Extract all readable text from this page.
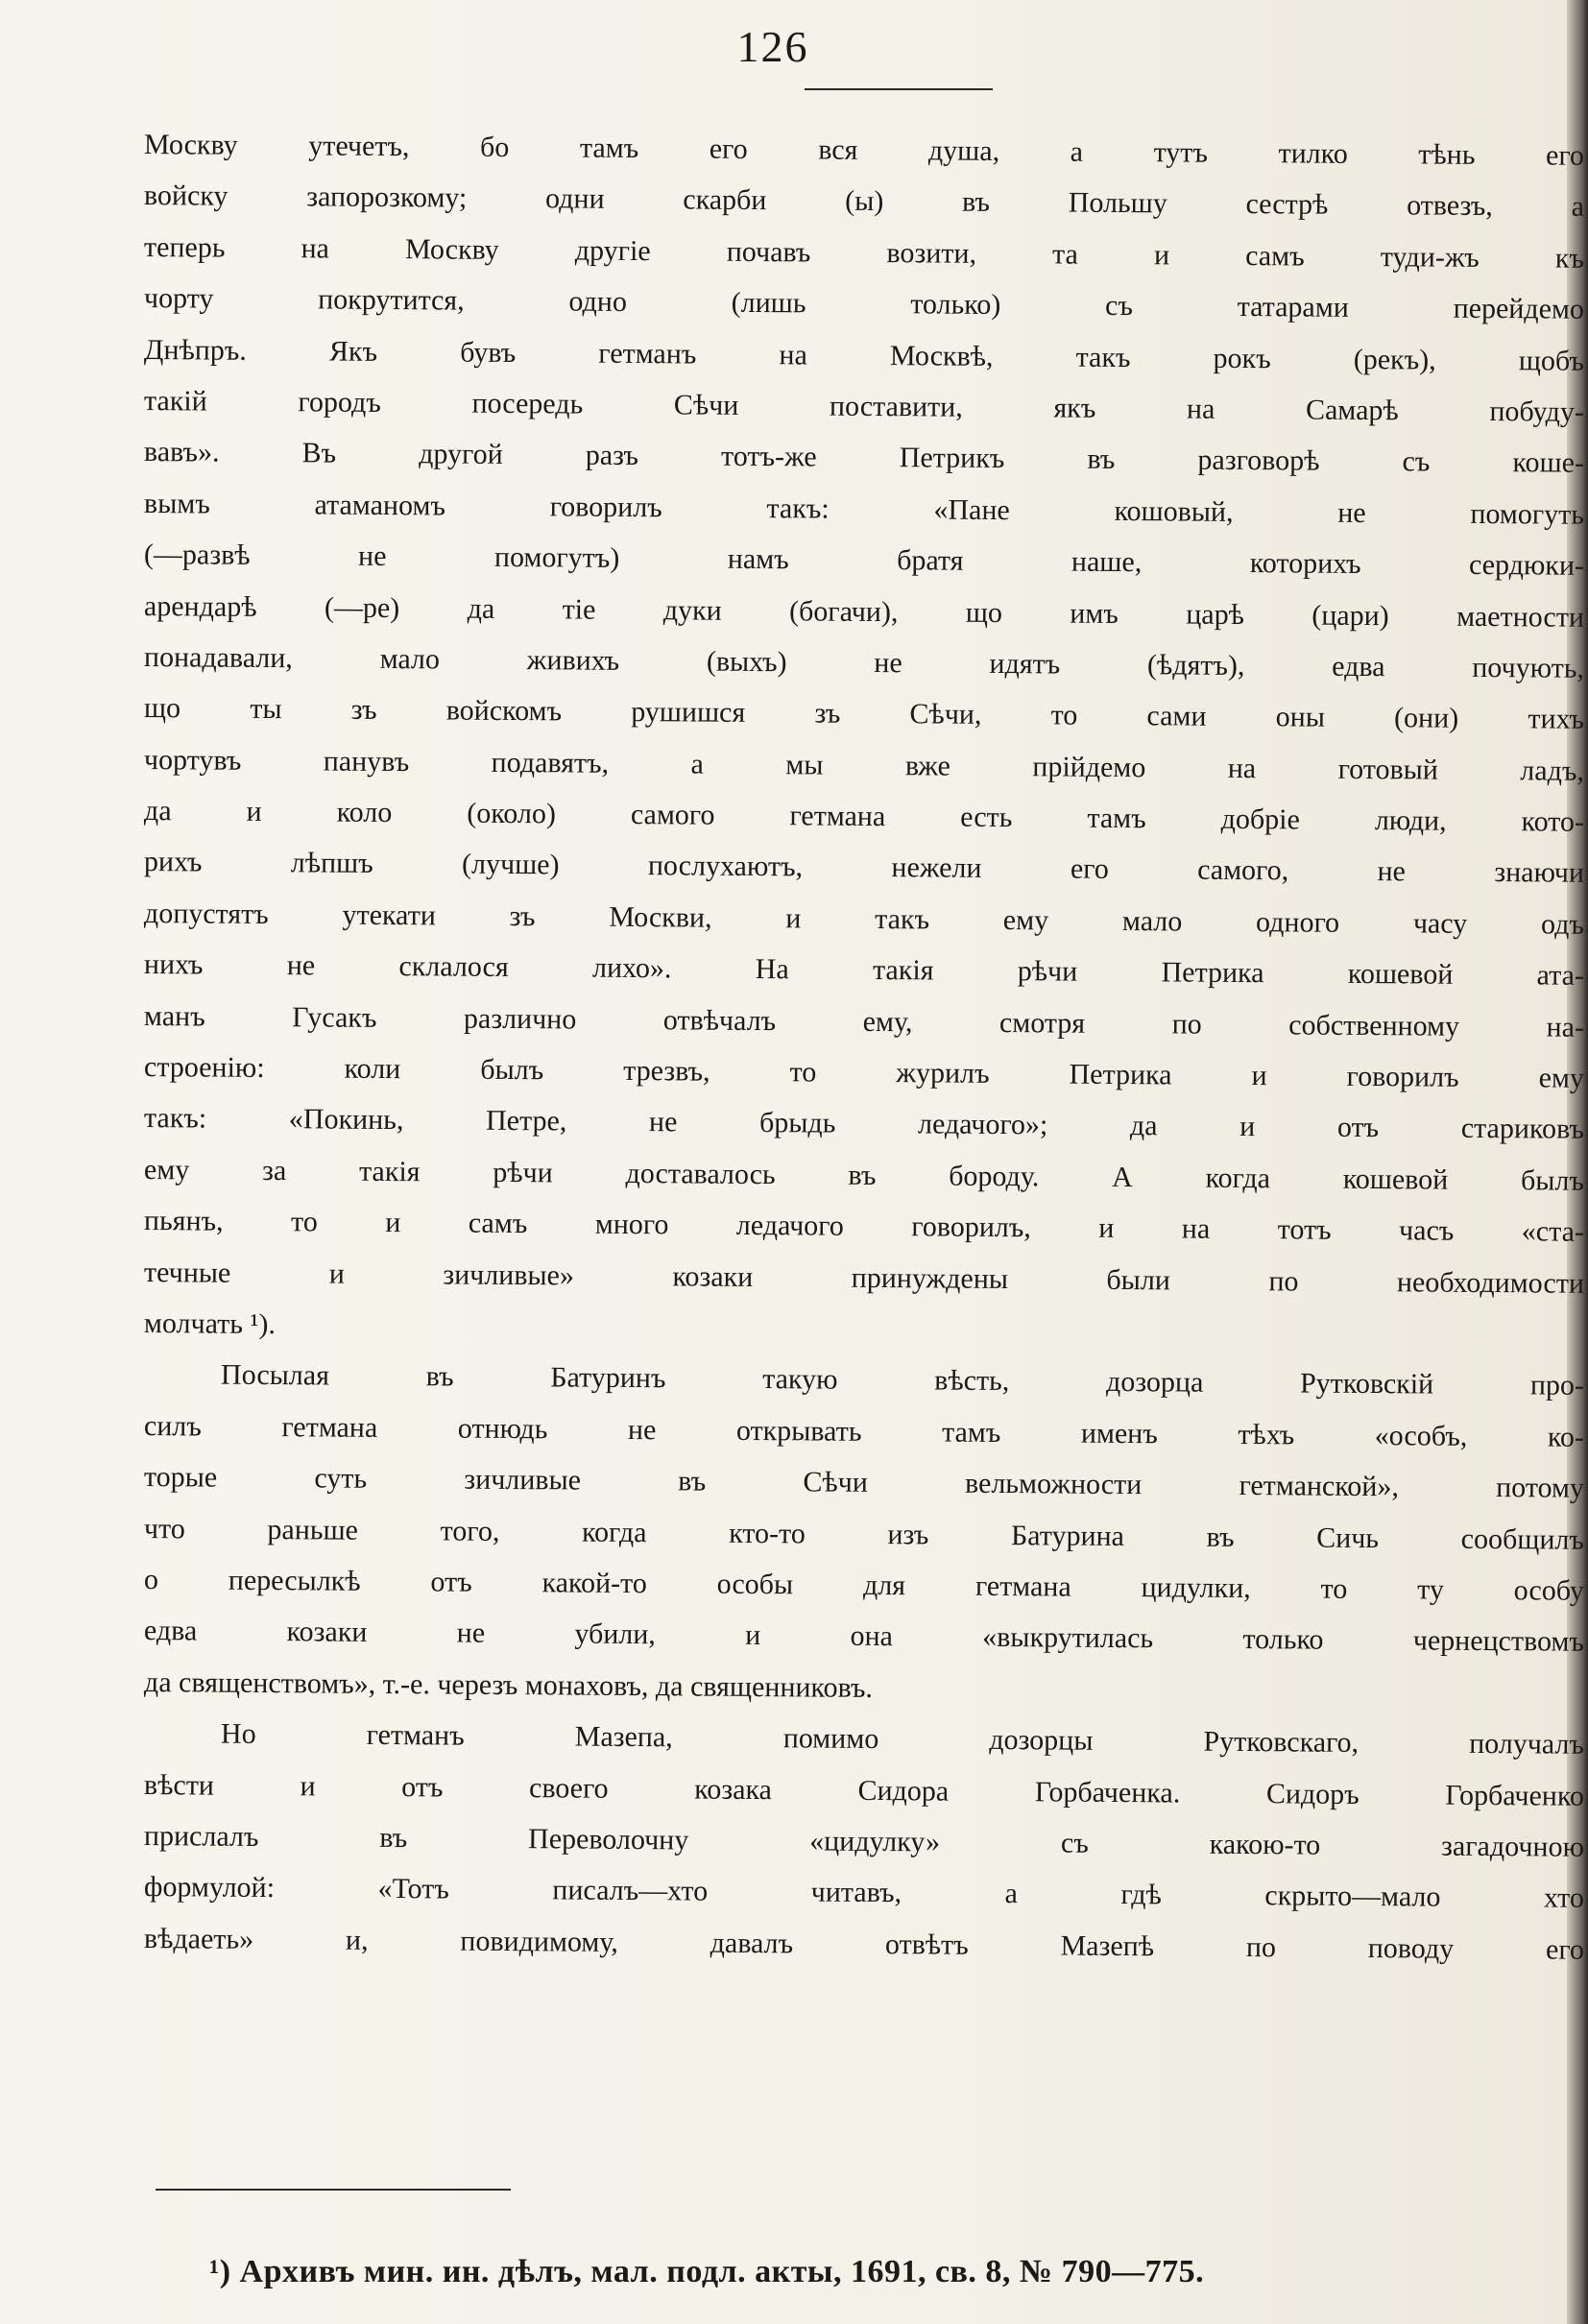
126
Москву утечетъ, бо тамъ его вся душа, а тутъ тилко тѣнь его
войску запорозкому; одни скарби (ы) въ Польшу сестрѣ отвезъ, а
теперь на Москву другіе почавъ возити, та и самъ туди-жъ къ
чорту покрутится, одно (лишь только) съ татарами перейдемо
Днѣпръ. Якъ бувъ гетманъ на Москвѣ, такъ рокъ (рекъ), щобъ
такій городъ посередь Сѣчи поставити, якъ на Самарѣ побуду-
вавъ». Въ другой разъ тотъ-же Петрикъ въ разговорѣ съ коше-
вымъ атаманомъ говорилъ такъ: «Пане кошовый, не помогуть
(—развѣ не помогутъ) намъ братя наше, которихъ сердюки-
арендарѣ (—ре) да тіе дуки (богачи), що имъ царѣ (цари) маетности
понадавали, мало живихъ (выхъ) не идятъ (ѣдятъ), едва почують,
що ты зъ войскомъ рушишся зъ Сѣчи, то сами оны (они) тихъ
чортувъ панувъ подавятъ, а мы вже прійдемо на готовый ладъ,
да и коло (около) самого гетмана есть тамъ добріе люди, кото-
рихъ лѣпшъ (лучше) послухаютъ, нежели его самого, не знаючи
допустятъ утекати зъ Москви, и такъ ему мало одного часу одъ
нихъ не склалося лихо». На такія рѣчи Петрика кошевой ата-
манъ Гусакъ различно отвѣчалъ ему, смотря по собственному на-
строенію: коли былъ трезвъ, то журилъ Петрика и говорилъ ему
такъ: «Покинь, Петре, не брыдь ледачого»; да и отъ стариковъ
ему за такія рѣчи доставалось въ бороду. А когда кошевой былъ
пьянъ, то и самъ много ледачого говорилъ, и на тотъ часъ «ста-
течные и зичливые» козаки принуждены были по необходимости
молчать ¹).
Посылая въ Батуринъ такую вѣсть, дозорца Рутковскій про-
силъ гетмана отнюдь не открывать тамъ именъ тѣхъ «особъ, ко-
торые суть зичливые въ Сѣчи вельможности гетманской», потому
что раньше того, когда кто-то изъ Батурина въ Сичь сообщилъ
о пересылкѣ отъ какой-то особы для гетмана цидулки, то ту особу
едва козаки не убили, и она «выкрутилась только чернецствомъ
да священствомъ», т.-е. черезъ монаховъ, да священниковъ.
Но гетманъ Мазепа, помимо дозорцы Рутковскаго, получалъ
вѣсти и отъ своего козака Сидора Горбаченка. Сидоръ Горбаченко
прислалъ въ Переволочну «цидулку» съ какою-то загадочною
формулой: «Тотъ писалъ—хто читавъ, а гдѣ скрыто—мало хто
вѣдаеть» и, повидимому, давалъ отвѣтъ Мазепѣ по поводу его
¹) Архивъ мин. ин. дѣлъ, мал. подл. акты, 1691, св. 8, № 790—775.
